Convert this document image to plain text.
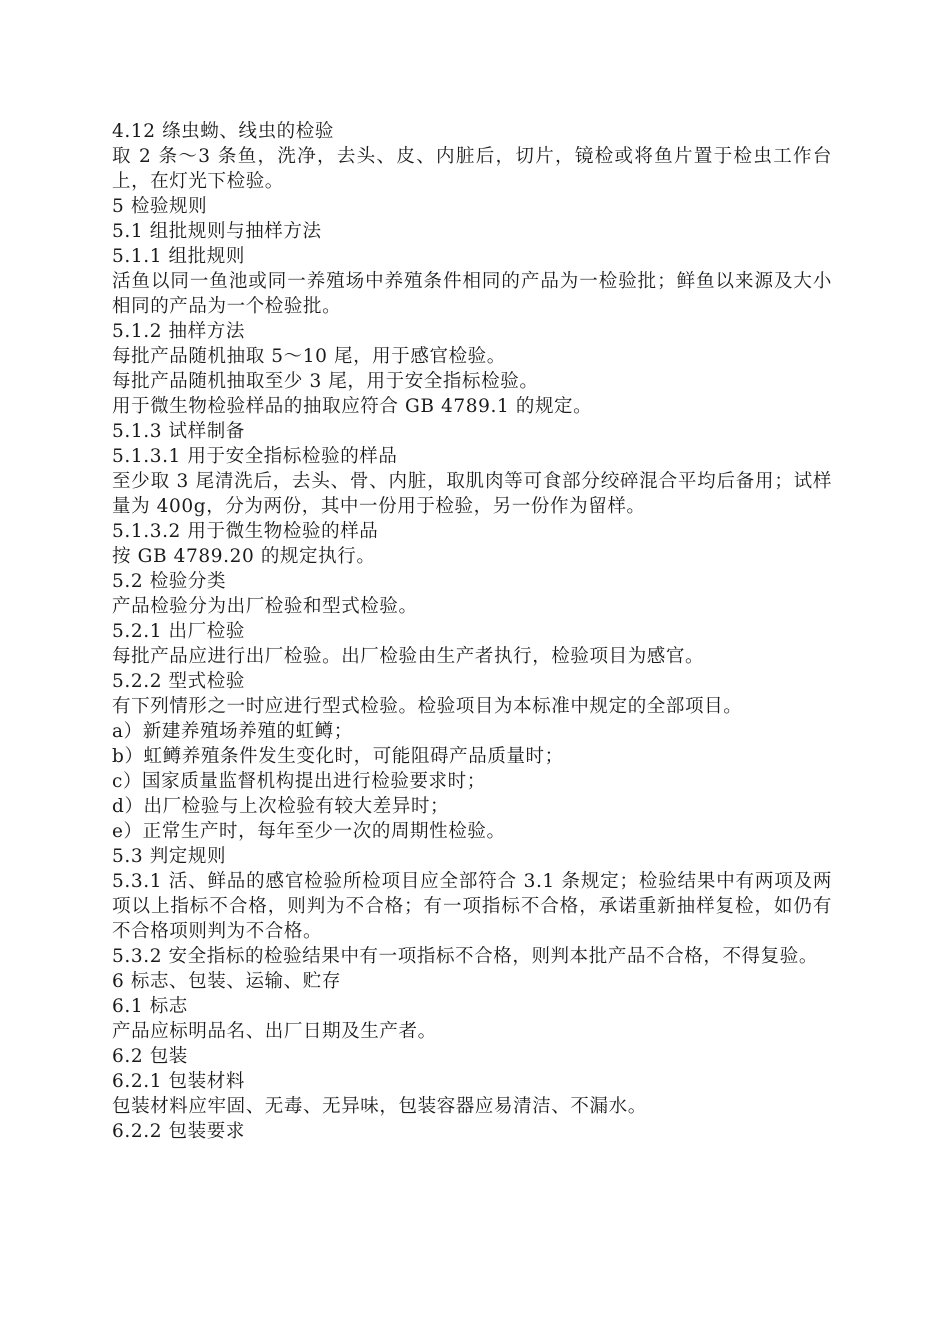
4.12 绦虫蚴、线虫的检验
取 2 条～3 条鱼，洗净，去头、皮、内脏后，切片，镜检或将鱼片置于检虫工作台上，在灯光下检验。
5 检验规则
5.1 组批规则与抽样方法
5.1.1 组批规则
活鱼以同一鱼池或同一养殖场中养殖条件相同的产品为一检验批；鲜鱼以来源及大小相同的产品为一个检验批。
5.1.2 抽样方法
每批产品随机抽取 5～10 尾，用于感官检验。
每批产品随机抽取至少 3 尾，用于安全指标检验。
用于微生物检验样品的抽取应符合 GB 4789.1 的规定。
5.1.3 试样制备
5.1.3.1 用于安全指标检验的样品
至少取 3 尾清洗后，去头、骨、内脏，取肌肉等可食部分绞碎混合平均后备用；试样量为 400g，分为两份，其中一份用于检验，另一份作为留样。
5.1.3.2 用于微生物检验的样品
按 GB 4789.20 的规定执行。
5.2 检验分类
产品检验分为出厂检验和型式检验。
5.2.1 出厂检验
每批产品应进行出厂检验。出厂检验由生产者执行，检验项目为感官。
5.2.2 型式检验
有下列情形之一时应进行型式检验。检验项目为本标准中规定的全部项目。
a）新建养殖场养殖的虹鳟；
b）虹鳟养殖条件发生变化时，可能阻碍产品质量时；
c）国家质量监督机构提出进行检验要求时；
d）出厂检验与上次检验有较大差异时；
e）正常生产时，每年至少一次的周期性检验。
5.3 判定规则
5.3.1 活、鲜品的感官检验所检项目应全部符合 3.1 条规定；检验结果中有两项及两项以上指标不合格，则判为不合格；有一项指标不合格，承诺重新抽样复检，如仍有不合格项则判为不合格。
5.3.2 安全指标的检验结果中有一项指标不合格，则判本批产品不合格，不得复验。
6 标志、包装、运输、贮存
6.1 标志
产品应标明品名、出厂日期及生产者。
6.2 包装
6.2.1 包装材料
包装材料应牢固、无毒、无异味，包装容器应易清洁、不漏水。
6.2.2 包装要求
